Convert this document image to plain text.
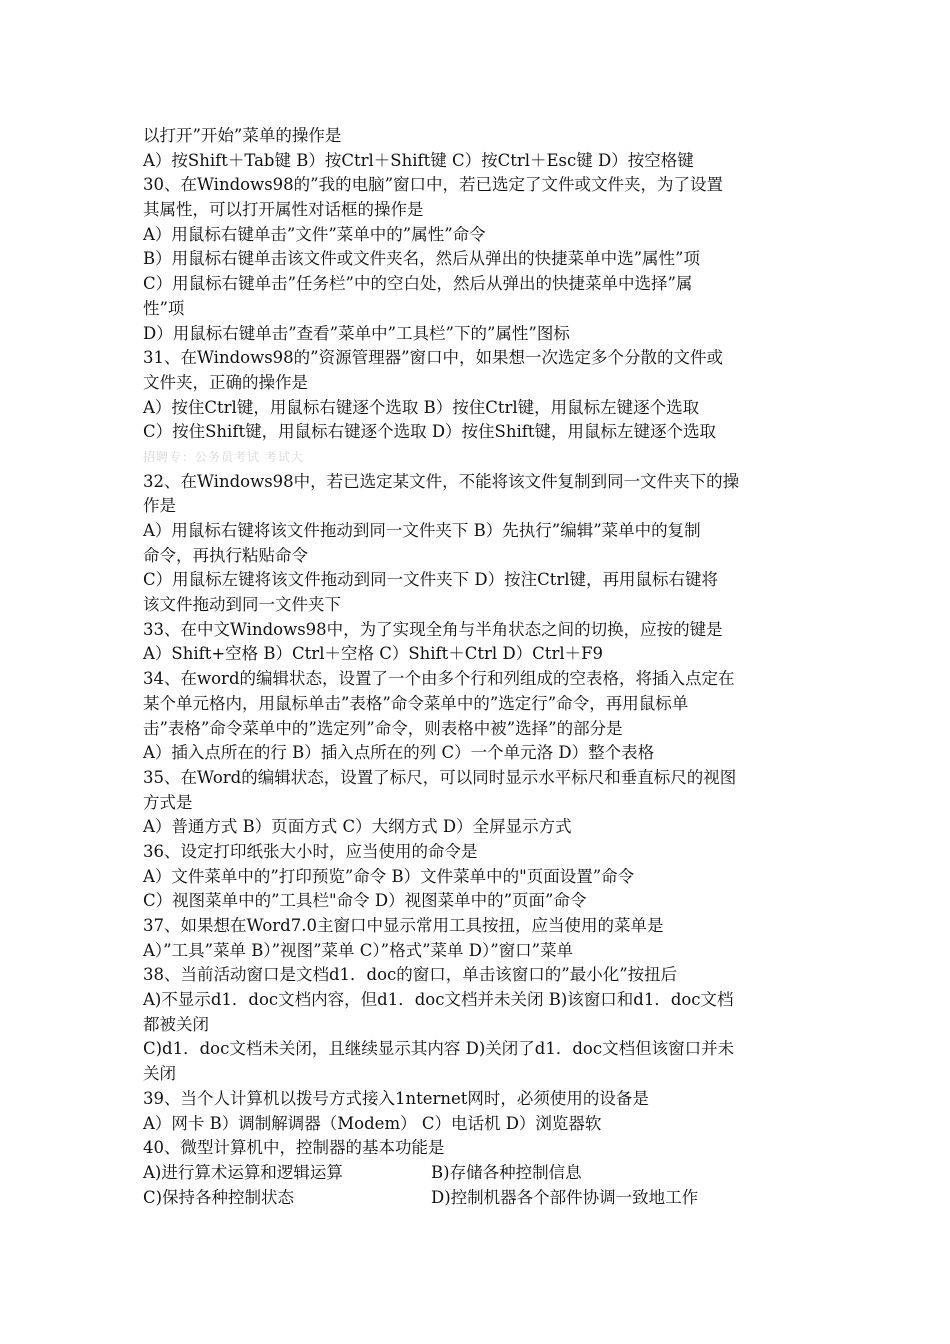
以打开”开始”菜单的操作是
A）按Shift＋Tab键 B）按Ctrl＋Shift键 C）按Ctrl＋Esc键 D）按空格键
30、在Windows98的”我的电脑”窗口中，若已选定了文件或文件夹，为了设置
其属性，可以打开属性对话框的操作是
A）用鼠标右键单击”文件”菜单中的”属性”命令
B）用鼠标右键单击该文件或文件夹名，然后从弹出的快捷菜单中选”属性”项
C）用鼠标右键单击”任务栏”中的空白处，然后从弹出的快捷菜单中选择”属
性”项
D）用鼠标右键单击”查看”菜单中”工具栏”下的”属性”图标
31、在Windows98的”资源管理器”窗口中，如果想一次选定多个分散的文件或
文件夹，正确的操作是
A）按住Ctrl键，用鼠标右键逐个选取 B）按住Ctrl键，用鼠标左键逐个选取
C）按住Shift键，用鼠标右键逐个选取 D）按住Shift键，用鼠标左键逐个选取
招聘专：公务员考试 考试大
32、在Windows98中，若已选定某文件，不能将该文件复制到同一文件夹下的操
作是
A）用鼠标右键将该文件拖动到同一文件夹下 B）先执行”编辑”菜单中的复制
命令，再执行粘贴命令
C）用鼠标左键将该文件拖动到同一文件夹下 D）按注Ctrl键，再用鼠标右键将
该文件拖动到同一文件夹下
33、在中文Windows98中，为了实现全角与半角状态之间的切换，应按的键是
A）Shift+空格 B）Ctrl＋空格 C）Shift＋Ctrl D）Ctrl＋F9
34、在word的编辑状态，设置了一个由多个行和列组成的空表格，将插入点定在
某个单元格内，用鼠标单击”表格”命令菜单中的”选定行”命令，再用鼠标单
击”表格”命令菜单中的”选定列”命令，则表格中被”选择”的部分是
A）插入点所在的行 B）插入点所在的列 C）一个单元洛 D）整个表格
35、在Word的编辑状态，设置了标尺，可以同时显示水平标尺和垂直标尺的视图
方式是
A）普通方式 B）页面方式 C）大纲方式 D）全屏显示方式
36、设定打印纸张大小时，应当使用的命令是
A）文件菜单中的”打印预览”命令 B）文件菜单中的"页面设置”命令
C）视图菜单中的”工具栏"命令 D）视图菜单中的”页面”命令
37、如果想在Word7.0主窗口中显示常用工具按扭，应当使用的菜单是
A）”工具”菜单 B）”视图”菜单 C）”格式”菜单 D）”窗口”菜单
38、当前活动窗口是文档d1．doc的窗口，单击该窗口的”最小化”按扭后
A)不显示d1．doc文档内容，但d1．doc文档并未关闭 B)该窗口和d1．doc文档
都被关闭
C)d1．doc文档未关闭，且继续显示其内容 D)关闭了d1．doc文档但该窗口并未
关闭
39、当个人计算机以拨号方式接入1nternet网时，必须使用的设备是
A）网卡 B）调制解调器（Modem） C）电话机 D）浏览器软
40、微型计算机中，控制器的基本功能是
A)进行算术运算和逻辑运算	B)存储各种控制信息
C)保持各种控制状态	D)控制机器各个部件协调一致地工作
